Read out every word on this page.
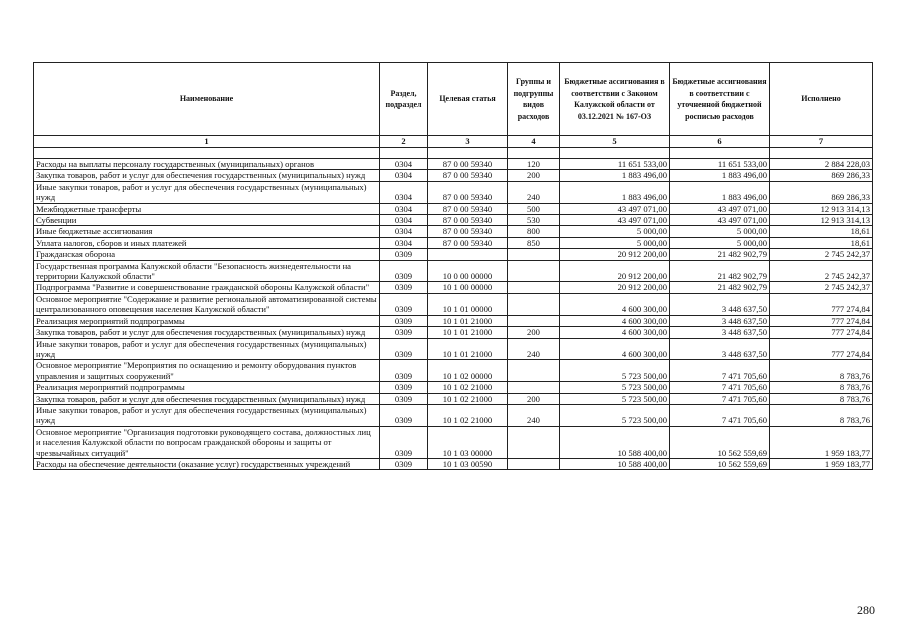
Наименование	Раздел, подраздел	Целевая статья	Группы и подгруппы видов расходов	Бюджетные ассигнования в соответствии с Законом Калужской области от 03.12.2021 № 167-ОЗ	Бюджетные ассигнования в соответствии с уточненной бюджетной росписью расходов	Исполнено
1	2	3	4	5	6	7

Расходы на выплаты персоналу государственных (муниципальных) органов	0304	87 0 00 59340	120	11 651 533,00	11 651 533,00	2 884 228,03
Закупка товаров, работ и услуг для обеспечения государственных (муниципальных) нужд	0304	87 0 00 59340	200	1 883 496,00	1 883 496,00	869 286,33
Иные закупки товаров, работ и услуг для обеспечения государственных (муниципальных) нужд	0304	87 0 00 59340	240	1 883 496,00	1 883 496,00	869 286,33
Межбюджетные трансферты	0304	87 0 00 59340	500	43 497 071,00	43 497 071,00	12 913 314,13
Субвенции	0304	87 0 00 59340	530	43 497 071,00	43 497 071,00	12 913 314,13
Иные бюджетные ассигнования	0304	87 0 00 59340	800	5 000,00	5 000,00	18,61
Уплата налогов, сборов и иных платежей	0304	87 0 00 59340	850	5 000,00	5 000,00	18,61
Гражданская оборона	0309			20 912 200,00	21 482 902,79	2 745 242,37
Государственная программа Калужской области "Безопасность жизнедеятельности на территории Калужской области"	0309	10 0 00 00000		20 912 200,00	21 482 902,79	2 745 242,37
Подпрограмма "Развитие и совершенствование гражданской обороны Калужской области"	0309	10 1 00 00000		20 912 200,00	21 482 902,79	2 745 242,37
Основное мероприятие "Содержание и развитие региональной автоматизированной системы централизованного оповещения населения Калужской области"	0309	10 1 01 00000		4 600 300,00	3 448 637,50	777 274,84
Реализация мероприятий подпрограммы	0309	10 1 01 21000		4 600 300,00	3 448 637,50	777 274,84
Закупка товаров, работ и услуг для обеспечения государственных (муниципальных) нужд	0309	10 1 01 21000	200	4 600 300,00	3 448 637,50	777 274,84
Иные закупки товаров, работ и услуг для обеспечения государственных (муниципальных) нужд	0309	10 1 01 21000	240	4 600 300,00	3 448 637,50	777 274,84
Основное мероприятие "Мероприятия по оснащению и ремонту оборудования пунктов управления и защитных сооружений"	0309	10 1 02 00000		5 723 500,00	7 471 705,60	8 783,76
Реализация мероприятий подпрограммы	0309	10 1 02 21000		5 723 500,00	7 471 705,60	8 783,76
Закупка товаров, работ и услуг для обеспечения государственных (муниципальных) нужд	0309	10 1 02 21000	200	5 723 500,00	7 471 705,60	8 783,76
Иные закупки товаров, работ и услуг для обеспечения государственных (муниципальных) нужд	0309	10 1 02 21000	240	5 723 500,00	7 471 705,60	8 783,76
Основное мероприятие "Организация подготовки руководящего состава, должностных лиц и населения Калужской области по вопросам гражданской обороны и защиты от чрезвычайных ситуаций"	0309	10 1 03 00000		10 588 400,00	10 562 559,69	1 959 183,77
Расходы на обеспечение деятельности (оказание услуг) государственных учреждений	0309	10 1 03 00590		10 588 400,00	10 562 559,69	1 959 183,77
280
